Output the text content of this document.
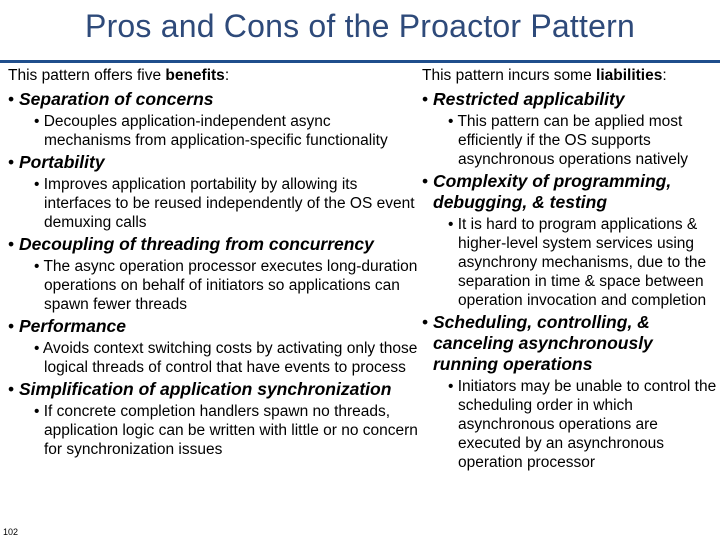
Pros and Cons of the Proactor Pattern
This pattern offers five benefits:
• Separation of concerns
• Decouples application-independent async mechanisms from application-specific functionality
• Portability
• Improves application portability by allowing its interfaces to be reused independently of the OS event demuxing calls
• Decoupling of threading from concurrency
• The async operation processor executes long-duration operations on behalf of initiators so applications can spawn fewer threads
• Performance
• Avoids context switching costs by activating only those logical threads of control that have events to process
• Simplification of application synchronization
• If concrete completion handlers spawn no threads, application logic can be written with little or no concern for synchronization issues
This pattern incurs some liabilities:
• Restricted applicability
• This pattern can be applied most efficiently if the OS supports asynchronous operations natively
• Complexity of programming, debugging, & testing
• It is hard to program applications & higher-level system services using asynchrony mechanisms, due to the separation in time & space between operation invocation and completion
• Scheduling, controlling, & canceling asynchronously running operations
• Initiators may be unable to control the scheduling order in which asynchronous operations are executed by an asynchronous operation processor
102
